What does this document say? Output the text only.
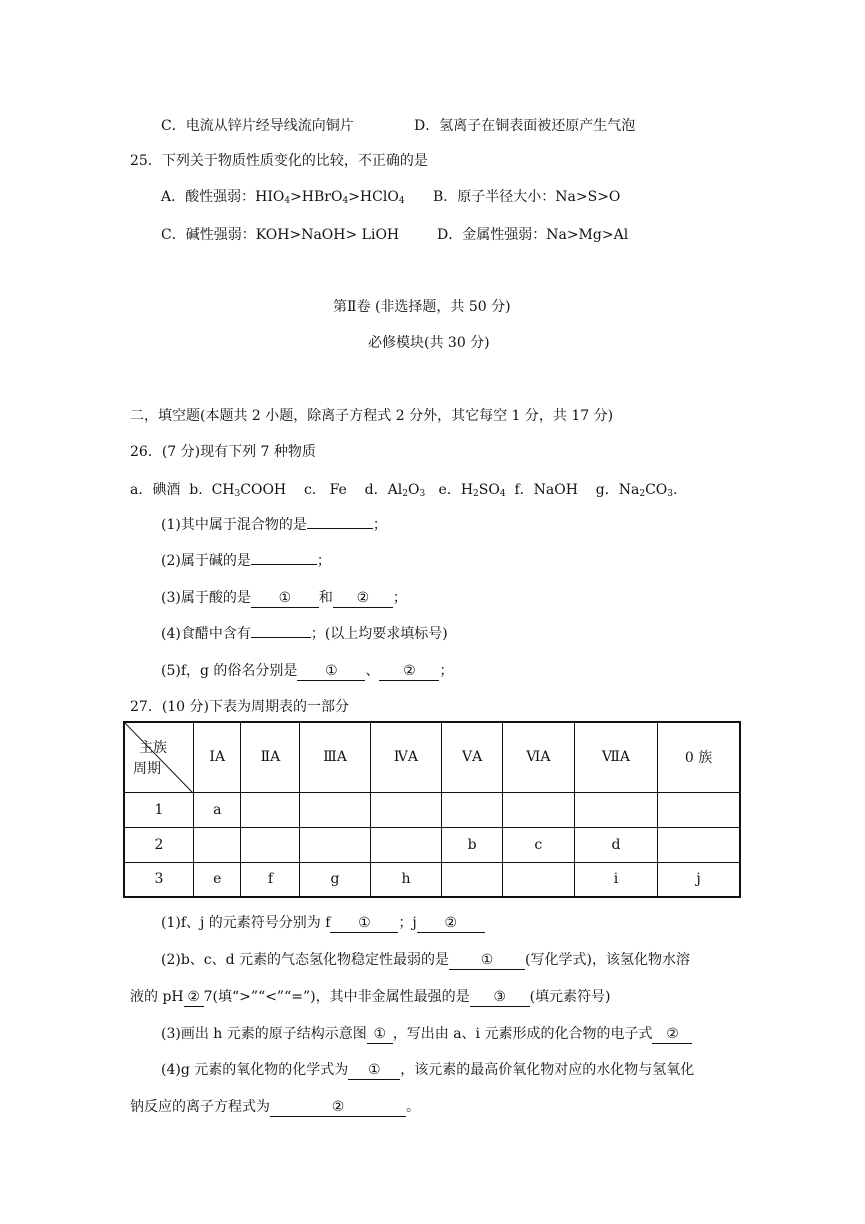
C．电流从锌片经导线流向铜片	D．氢离子在铜表面被还原产生气泡
25．下列关于物质性质变化的比较，不正确的是
A．酸性强弱：$HIO_4>HBrO_4>HClO_4$ B．原子半径大小：Na>S>O
C．碱性强弱：KOH>NaOH> LiOH	D．金属性强弱：Na>Mg>Al
第Ⅱ卷 (非选择题，共 50 分)
必修模块(共 30 分)
二，填空题(本题共 2 小题，除离子方程式 2 分外，其它每空 1 分，共 17 分)
26．(7 分)现有下列 7 种物质
a．碘酒 b. $CH_3COOH$ c. Fe d．$Al_2O_3$ e．$H_2SO_4$ f．NaOH g．$Na_2CO_3$.
(1)其中属于混合物的是	；
(2)属于碱的是	；
(3)属于酸的是 ① 和 ② ；
(4)食醋中含有	；(以上均要求填标号)
(5)f，g 的俗名分别是 ① 、 ② ；
27．(10 分)下表为周期表的一部分
主族
周期	ⅠA	ⅡA	ⅢA	ⅣA	ⅤA	ⅥA	ⅦA	0 族
1	a							
2					b	c	d	
3	e	f	g	h			i	j
(1)f、j 的元素符号分别为 f ① ；j ②
(2)b、c、d 元素的气态氢化物稳定性最弱的是 ① (写化学式)，该氢化物水溶
液的 pH ② 7(填“>”“<”“=”)，其中非金属性最强的是 ③ (填元素符号)
(3)画出 h 元素的原子结构示意图 ① ，写出由 a、i 元素形成的化合物的电子式 ②
(4)g 元素的氧化物的化学式为 ① ，该元素的最高价氧化物对应的水化物与氢氧化
钠反应的离子方程式为	②	。
